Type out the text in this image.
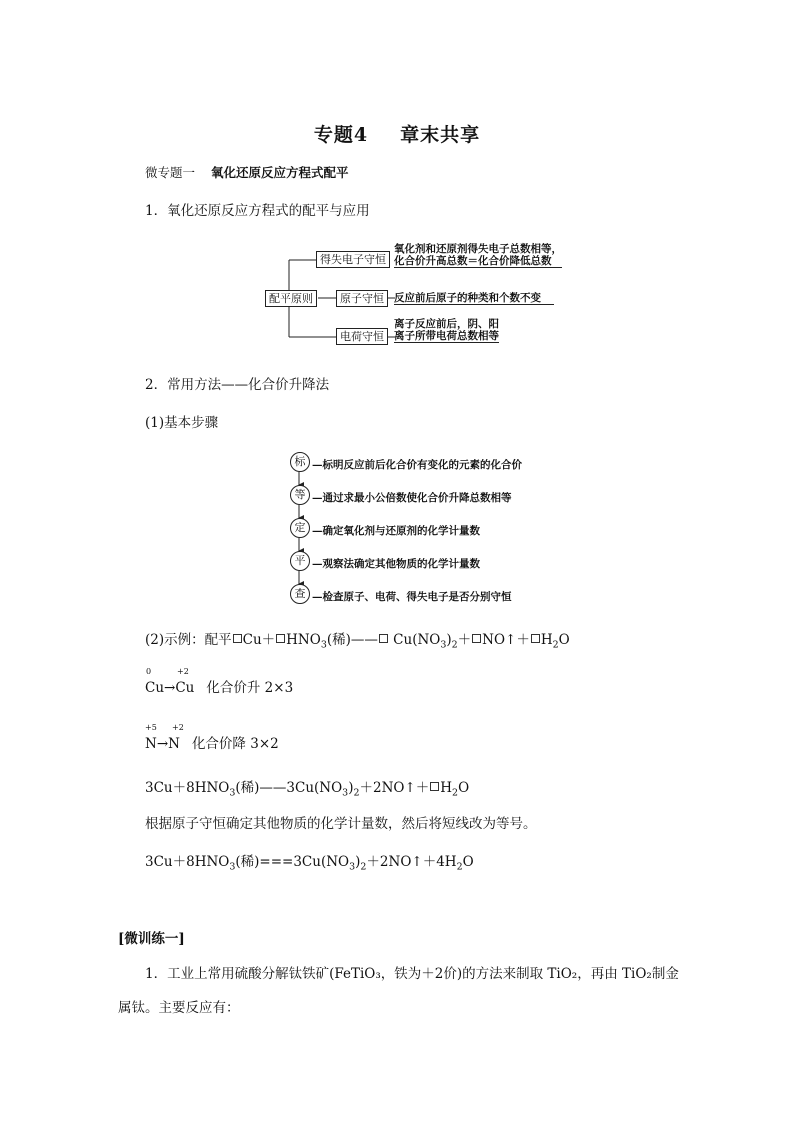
专题4 章末共享
微专题一 氧化还原反应方程式配平
1．氧化还原反应方程式的配平与应用
配平原则
得失电子守恒
原子守恒
电荷守恒
氧化剂和还原剂得失电子总数相等，
化合价升高总数＝化合价降低总数
反应前后原子的种类和个数不变
离子反应前后，阴、阳
离子所带电荷总数相等
2．常用方法——化合价升降法
(1)基本步骤
标 —标明反应前后化合价有变化的元素的化合价
等 —通过求最小公倍数使化合价升降总数相等
定 —确定氧化剂与还原剂的化学计量数
平 —观察法确定其他物质的化学计量数
查 —检查原子、电荷、得失电子是否分别守恒
(2)示例：配平 $Cu+ HNO_3$(稀)—— $Cu(NO_3)_2+$ NO↑＋ $H_2O$
0	+2
Cu→Cu 化合价升 2×3
+5 +2
N→N 化合价降 3×2
$3Cu+8HNO_3$(稀)$——3Cu(NO_3)_2+2NO↑+ H_2O$
根据原子守恒确定其他物质的化学计量数，然后将短线改为等号。
$3Cu+8HNO_3$(稀)$===3Cu(NO_3)_2+2NO↑+4H_2O$
[微训练一]
1．工业上常用硫酸分解钛铁矿(FeTiO₃，铁为＋2价)的方法来制取 TiO₂，再由 TiO₂制金
属钛。主要反应有：
